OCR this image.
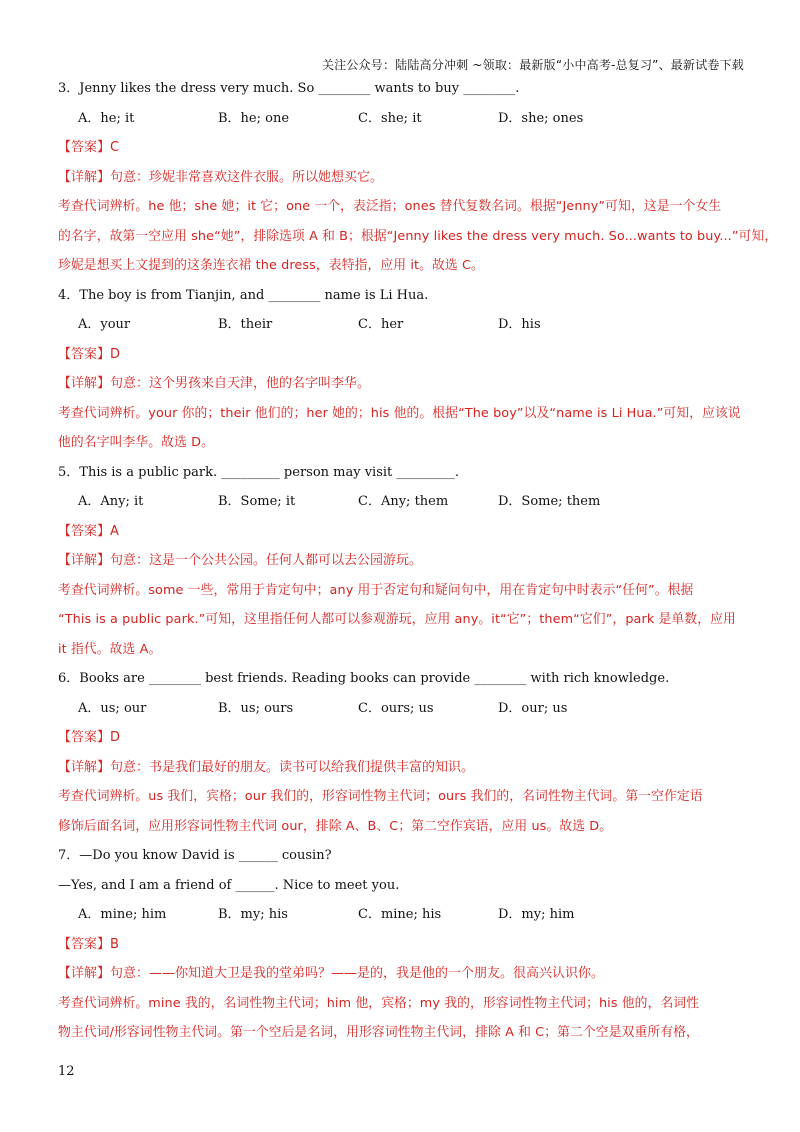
关注公众号：陆陆高分冲刺 ~领取：最新版“小中高考-总复习”、最新试卷下载
3．Jenny likes the dress very much. So ________ wants to buy ________.
A．he; it	B．he; one	C．she; it	D．she; ones
【答案】C
【详解】句意：珍妮非常喜欢这件衣服。所以她想买它。
考查代词辨析。he 他；she 她；it 它；one 一个，表泛指；ones 替代复数名词。根据“Jenny”可知，这是一个女生
的名字，故第一空应用 she“她”，排除选项 A 和 B；根据“Jenny likes the dress very much. So...wants to buy...”可知，
珍妮是想买上文提到的这条连衣裙 the dress，表特指，应用 it。故选 C。
4．The boy is from Tianjin, and ________ name is Li Hua.
A．your	B．their	C．her	D．his
【答案】D
【详解】句意：这个男孩来自天津，他的名字叫李华。
考查代词辨析。your 你的；their 他们的；her 她的；his 他的。根据“The boy”以及“name is Li Hua.”可知，应该说
他的名字叫李华。故选 D。
5．This is a public park. _________ person may visit _________.
A．Any; it	B．Some; it	C．Any; them	D．Some; them
【答案】A
【详解】句意：这是一个公共公园。任何人都可以去公园游玩。
考查代词辨析。some 一些，常用于肯定句中；any 用于否定句和疑问句中，用在肯定句中时表示“任何”。根据
“This is a public park.”可知，这里指任何人都可以参观游玩，应用 any。it“它”；them“它们”，park 是单数，应用
it 指代。故选 A。
6．Books are ________ best friends. Reading books can provide ________ with rich knowledge.
A．us; our	B．us; ours	C．ours; us	D．our; us
【答案】D
【详解】句意：书是我们最好的朋友。读书可以给我们提供丰富的知识。
考查代词辨析。us 我们，宾格；our 我们的，形容词性物主代词；ours 我们的，名词性物主代词。第一空作定语
修饰后面名词，应用形容词性物主代词 our，排除 A、B、C；第二空作宾语，应用 us。故选 D。
7．—Do you know David is ______ cousin?
—Yes, and I am a friend of ______. Nice to meet you.
A．mine; him	B．my; his	C．mine; his	D．my; him
【答案】B
【详解】句意：——你知道大卫是我的堂弟吗？——是的，我是他的一个朋友。很高兴认识你。
考查代词辨析。mine 我的，名词性物主代词；him 他，宾格；my 我的，形容词性物主代词；his 他的，名词性
物主代词/形容词性物主代词。第一个空后是名词，用形容词性物主代词，排除 A 和 C；第二个空是双重所有格，
12
